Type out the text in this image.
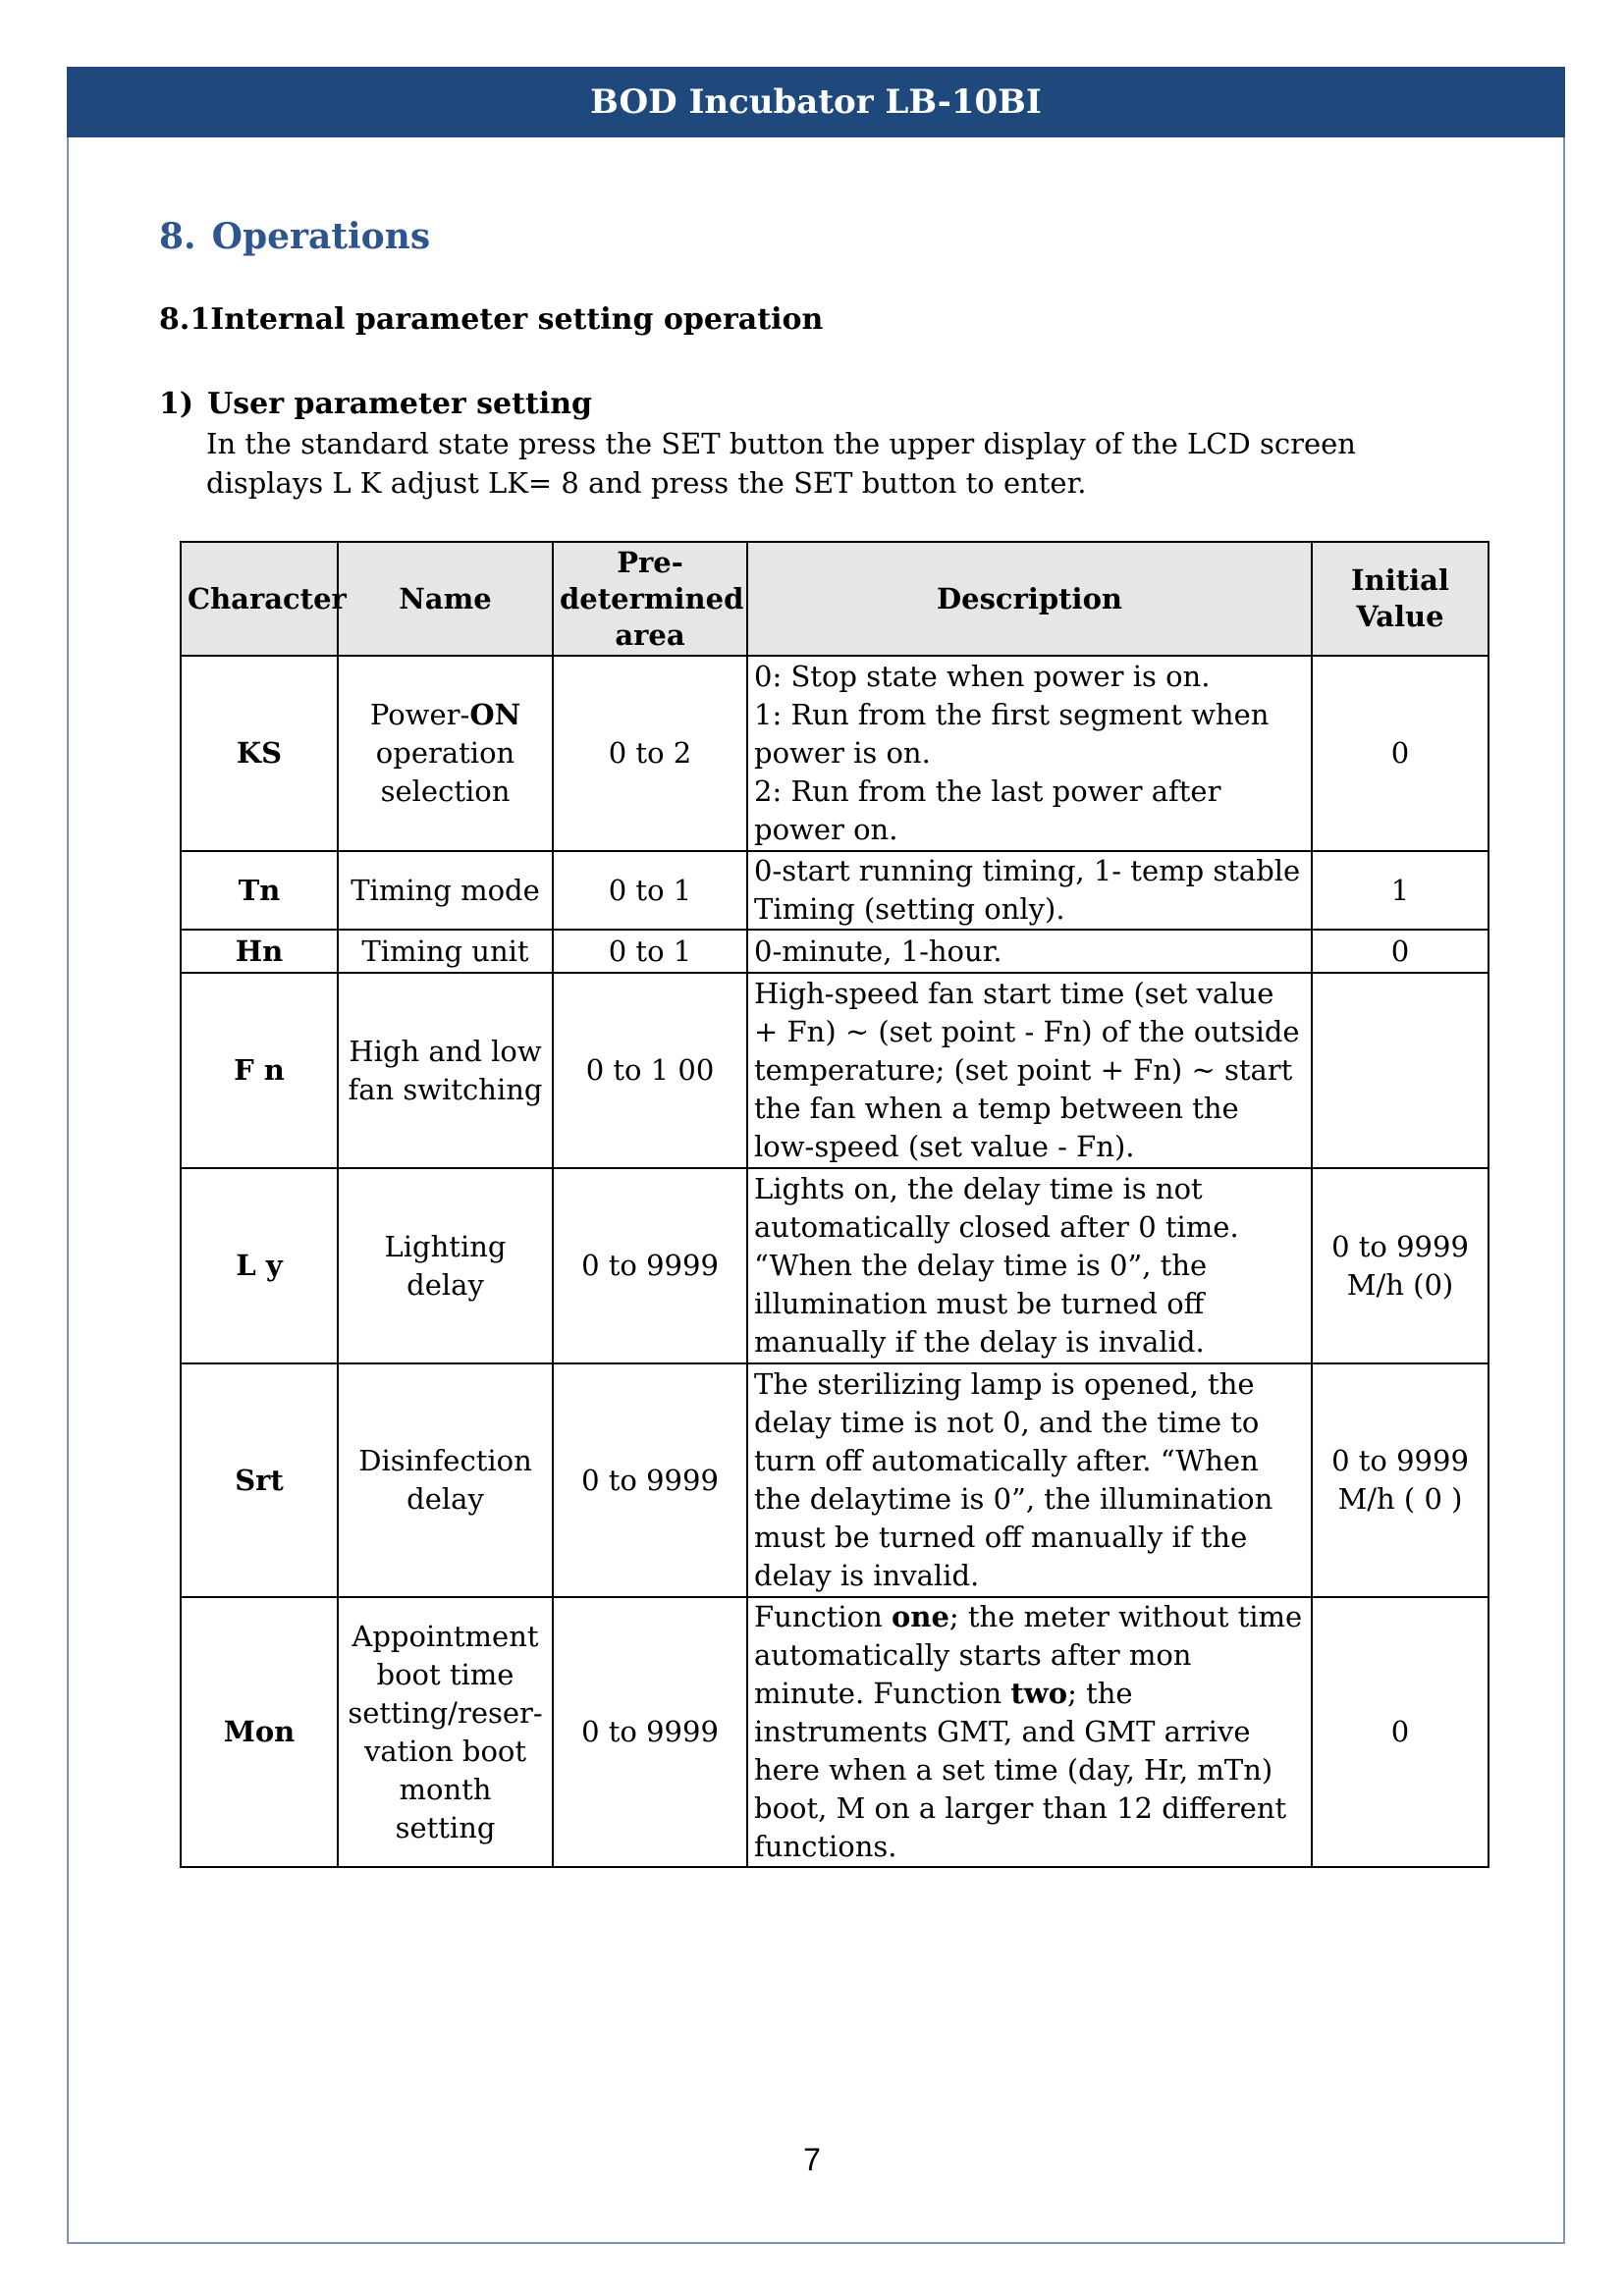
BOD Incubator LB-10BI
8. Operations
8.1Internal parameter setting operation
1) User parameter setting
In the standard state press the SET button the upper display of the LCD screen displays L K adjust LK= 8 and press the SET button to enter.
Character	Name	Pre-determined area	Description	Initial Value
KS	Power-ON operation selection	0 to 2	0: Stop state when power is on.
1: Run from the first segment when power is on.
2: Run from the last power after power on.	0
Tn	Timing mode	0 to 1	0-start running timing, 1- temp stable Timing (setting only).	1
Hn	Timing unit	0 to 1	0-minute, 1-hour.	0
F n	High and low fan switching	0 to 1 00	High-speed fan start time (set value + Fn) ~ (set point - Fn) of the outside temperature; (set point + Fn) ~ start the fan when a temp between the low-speed (set value - Fn).	
L y	Lighting delay	0 to 9999	Lights on, the delay time is not automatically closed after 0 time. “When the delay time is 0”, the illumination must be turned off manually if the delay is invalid.	0 to 9999 M/h (0)
Srt	Disinfection delay	0 to 9999	The sterilizing lamp is opened, the delay time is not 0, and the time to turn off automatically after. “When the delaytime is 0”, the illumination must be turned off manually if the delay is invalid.	0 to 9999 M/h ( 0 )
Mon	Appointment boot time setting/reser-vation boot month setting	0 to 9999	Function one; the meter without time automatically starts after mon minute. Function two; the instruments GMT, and GMT arrive here when a set time (day, Hr, mTn) boot, M on a larger than 12 different functions.	0
7
